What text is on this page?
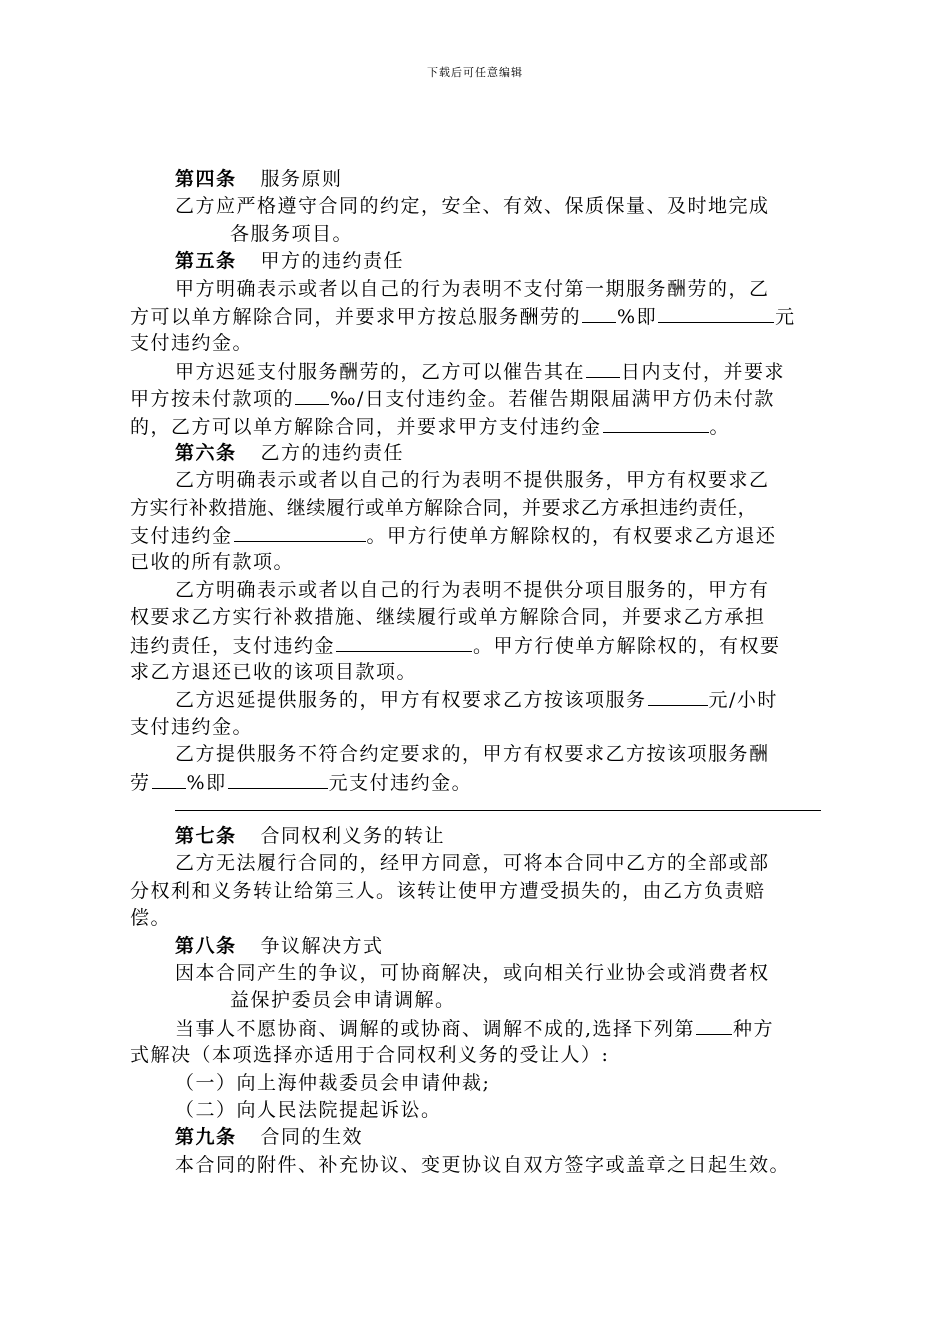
下载后可任意编辑
第四条 服务原则
乙方应严格遵守合同的约定，安全、有效、保质保量、及时地完成
各服务项目。
第五条 甲方的违约责任
甲方明确表示或者以自己的行为表明不支付第一期服务酬劳的，乙
方可以单方解除合同，并要求甲方按总服务酬劳的 %即	元
支付违约金。
甲方迟延支付服务酬劳的，乙方可以催告其在 日内支付，并要求
甲方按未付款项的 ‰/日支付违约金。若催告期限届满甲方仍未付款
的，乙方可以单方解除合同，并要求甲方支付违约金	。
第六条 乙方的违约责任
乙方明确表示或者以自己的行为表明不提供服务，甲方有权要求乙
方实行补救措施、继续履行或单方解除合同，并要求乙方承担违约责任，
支付违约金	。甲方行使单方解除权的，有权要求乙方退还
已收的所有款项。
乙方明确表示或者以自己的行为表明不提供分项目服务的，甲方有
权要求乙方实行补救措施、继续履行或单方解除合同，并要求乙方承担
违约责任，支付违约金	。甲方行使单方解除权的，有权要
求乙方退还已收的该项目款项。
乙方迟延提供服务的，甲方有权要求乙方按该项服务	元/小时
支付违约金。
乙方提供服务不符合约定要求的，甲方有权要求乙方按该项服务酬
劳 %即	元支付违约金。
第七条 合同权利义务的转让
乙方无法履行合同的，经甲方同意，可将本合同中乙方的全部或部
分权利和义务转让给第三人。该转让使甲方遭受损失的，由乙方负责赔
偿。
第八条 争议解决方式
因本合同产生的争议，可协商解决，或向相关行业协会或消费者权
益保护委员会申请调解。
当事人不愿协商、调解的或协商、调解不成的,选择下列第 种方
式解决（本项选择亦适用于合同权利义务的受让人）:
（一）向上海仲裁委员会申请仲裁;
（二）向人民法院提起诉讼。
第九条 合同的生效
本合同的附件、补充协议、变更协议自双方签字或盖章之日起生效。
